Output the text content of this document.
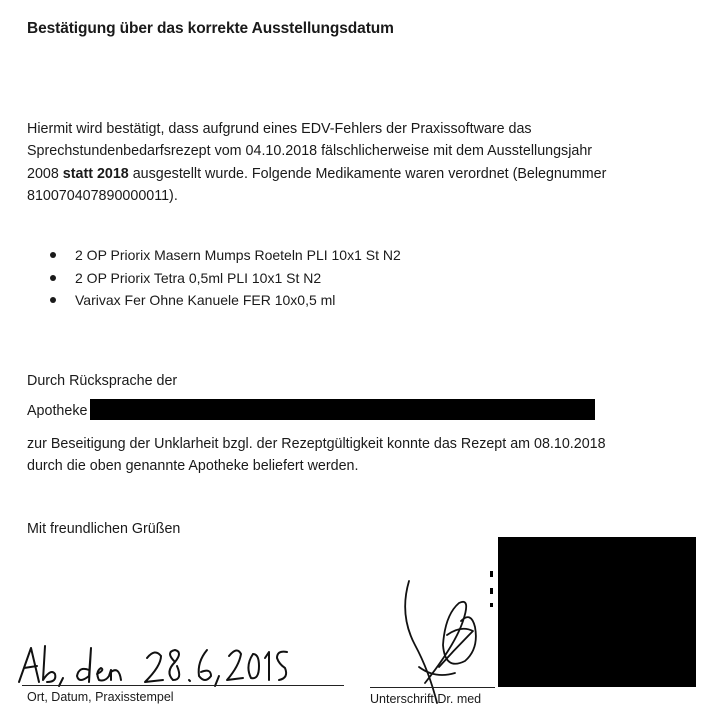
Bestätigung über das korrekte Ausstellungsdatum
Hiermit wird bestätigt, dass aufgrund eines EDV-Fehlers der Praxissoftware das
Sprechstundenbedarfsrezept vom 04.10.2018 fälschlicherweise mit dem Ausstellungsjahr
2008 statt 2018 ausgestellt wurde. Folgende Medikamente waren verordnet (Belegnummer
810070407890000011).
2 OP Priorix Masern Mumps Roeteln PLI 10x1 St N2
2 OP Priorix Tetra 0,5ml PLI 10x1 St N2
Varivax Fer Ohne Kanuele FER 10x0,5 ml
Durch Rücksprache der
Apotheke
zur Beseitigung der Unklarheit bzgl. der Rezeptgültigkeit konnte das Rezept am 08.10.2018
durch die oben genannte Apotheke beliefert werden.
Mit freundlichen Grüßen
Ort, Datum, Praxisstempel	Unterschrift Dr. med
